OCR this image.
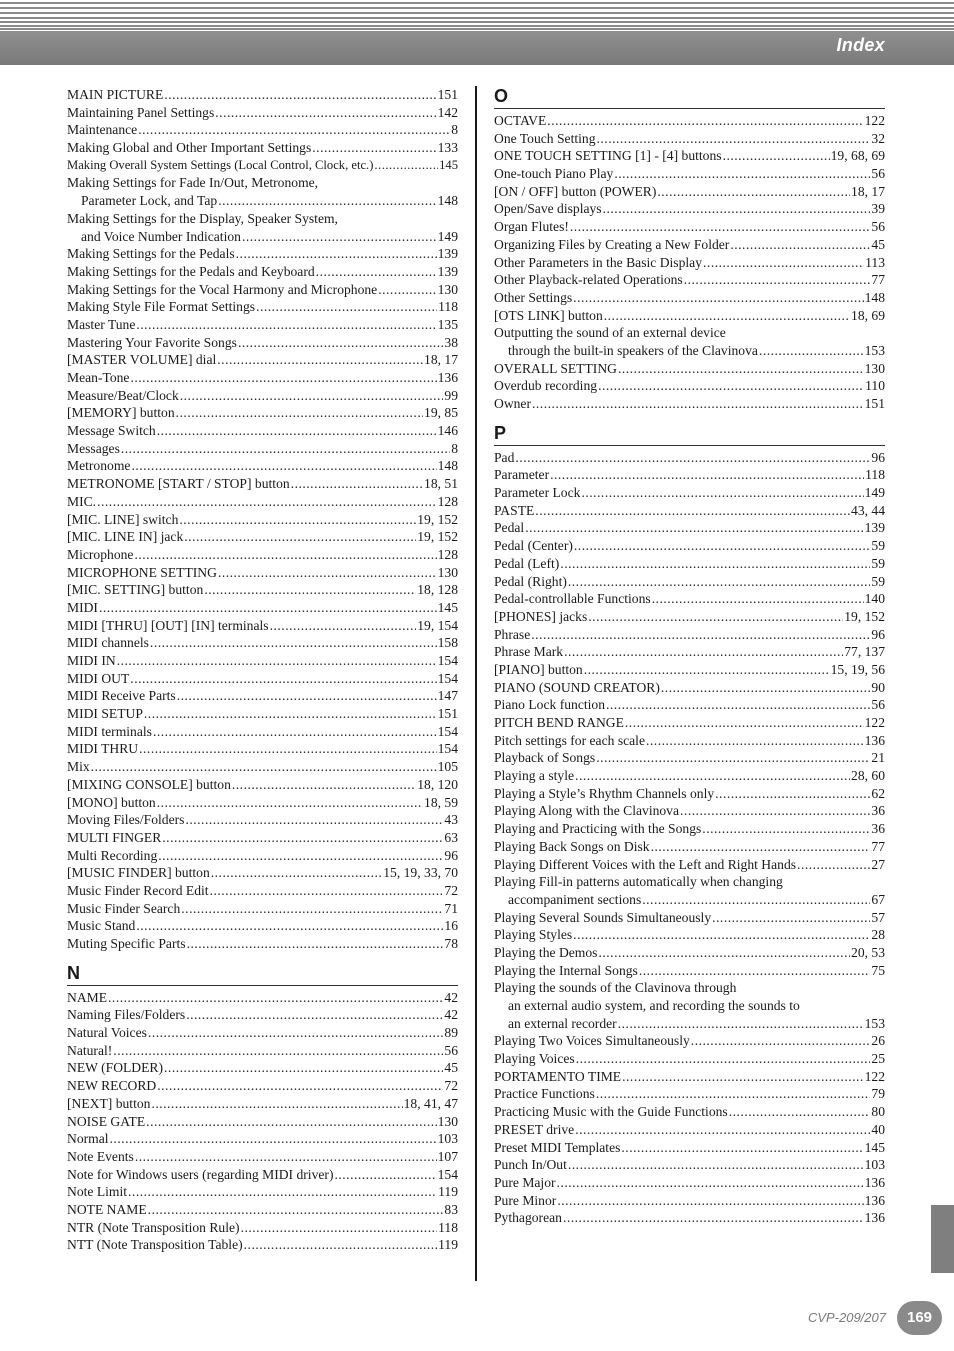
Index
MAIN PICTURE .....	151
Maintaining Panel Settings .....	142
Maintenance .....	8
Making Global and Other Important Settings .....	133
Making Overall System Settings (Local Control, Clock, etc.) .....	145
Making Settings for Fade In/Out, Metronome,
Parameter Lock, and Tap .....	148
Making Settings for the Display, Speaker System,
and Voice Number Indication .....	149
Making Settings for the Pedals .....	139
Making Settings for the Pedals and Keyboard .....	139
Making Settings for the Vocal Harmony and Microphone .....	130
Making Style File Format Settings .....	118
Master Tune .....	135
Mastering Your Favorite Songs .....	38
[MASTER VOLUME] dial .....	18, 17
Mean-Tone .....	136
Measure/Beat/Clock .....	99
[MEMORY] button .....	19, 85
Message Switch .....	146
Messages .....	8
Metronome .....	148
METRONOME [START / STOP] button .....	18, 51
MIC. .....	128
[MIC. LINE] switch .....	19, 152
[MIC. LINE IN] jack .....	19, 152
Microphone .....	128
MICROPHONE SETTING .....	130
[MIC. SETTING] button .....	18, 128
MIDI .....	145
MIDI [THRU] [OUT] [IN] terminals .....	19, 154
MIDI channels .....	158
MIDI IN .....	154
MIDI OUT .....	154
MIDI Receive Parts .....	147
MIDI SETUP .....	151
MIDI terminals .....	154
MIDI THRU .....	154
Mix .....	105
[MIXING CONSOLE] button .....	18, 120
[MONO] button .....	18, 59
Moving Files/Folders .....	43
MULTI FINGER .....	63
Multi Recording .....	96
[MUSIC FINDER] button .....	15, 19, 33, 70
Music Finder Record Edit .....	72
Music Finder Search .....	71
Music Stand .....	16
Muting Specific Parts .....	78
N
NAME .....	42
Naming Files/Folders .....	42
Natural Voices .....	89
Natural! .....	56
NEW (FOLDER) .....	45
NEW RECORD .....	72
[NEXT] button .....	18, 41, 47
NOISE GATE .....	130
Normal .....	103
Note Events .....	107
Note for Windows users (regarding MIDI driver) .....	154
Note Limit .....	119
NOTE NAME .....	83
NTR (Note Transposition Rule) .....	118
NTT (Note Transposition Table) .....	119
O
OCTAVE .....	122
One Touch Setting .....	32
ONE TOUCH SETTING [1] - [4] buttons .....	19, 68, 69
One-touch Piano Play .....	56
[ON / OFF] button (POWER) .....	18, 17
Open/Save displays .....	39
Organ Flutes! .....	56
Organizing Files by Creating a New Folder .....	45
Other Parameters in the Basic Display .....	113
Other Playback-related Operations .....	77
Other Settings .....	148
[OTS LINK] button .....	18, 69
Outputting the sound of an external device
through the built-in speakers of the Clavinova .....	153
OVERALL SETTING .....	130
Overdub recording .....	110
Owner .....	151
P
Pad .....	96
Parameter .....	118
Parameter Lock .....	149
PASTE .....	43, 44
Pedal .....	139
Pedal (Center) .....	59
Pedal (Left) .....	59
Pedal (Right) .....	59
Pedal-controllable Functions .....	140
[PHONES] jacks .....	19, 152
Phrase .....	96
Phrase Mark .....	77, 137
[PIANO] button .....	15, 19, 56
PIANO (SOUND CREATOR) .....	90
Piano Lock function .....	56
PITCH BEND RANGE .....	122
Pitch settings for each scale .....	136
Playback of Songs .....	21
Playing a style .....	28, 60
Playing a Style’s Rhythm Channels only .....	62
Playing Along with the Clavinova .....	36
Playing and Practicing with the Songs .....	36
Playing Back Songs on Disk .....	77
Playing Different Voices with the Left and Right Hands .....	27
Playing Fill-in patterns automatically when changing
accompaniment sections .....	67
Playing Several Sounds Simultaneously .....	57
Playing Styles .....	28
Playing the Demos .....	20, 53
Playing the Internal Songs .....	75
Playing the sounds of the Clavinova through
an external audio system, and recording the sounds to
an external recorder .....	153
Playing Two Voices Simultaneously .....	26
Playing Voices .....	25
PORTAMENTO TIME .....	122
Practice Functions .....	79
Practicing Music with the Guide Functions .....	80
PRESET drive .....	40
Preset MIDI Templates .....	145
Punch In/Out .....	103
Pure Major .....	136
Pure Minor .....	136
Pythagorean .....	136
CVP-209/207	169
